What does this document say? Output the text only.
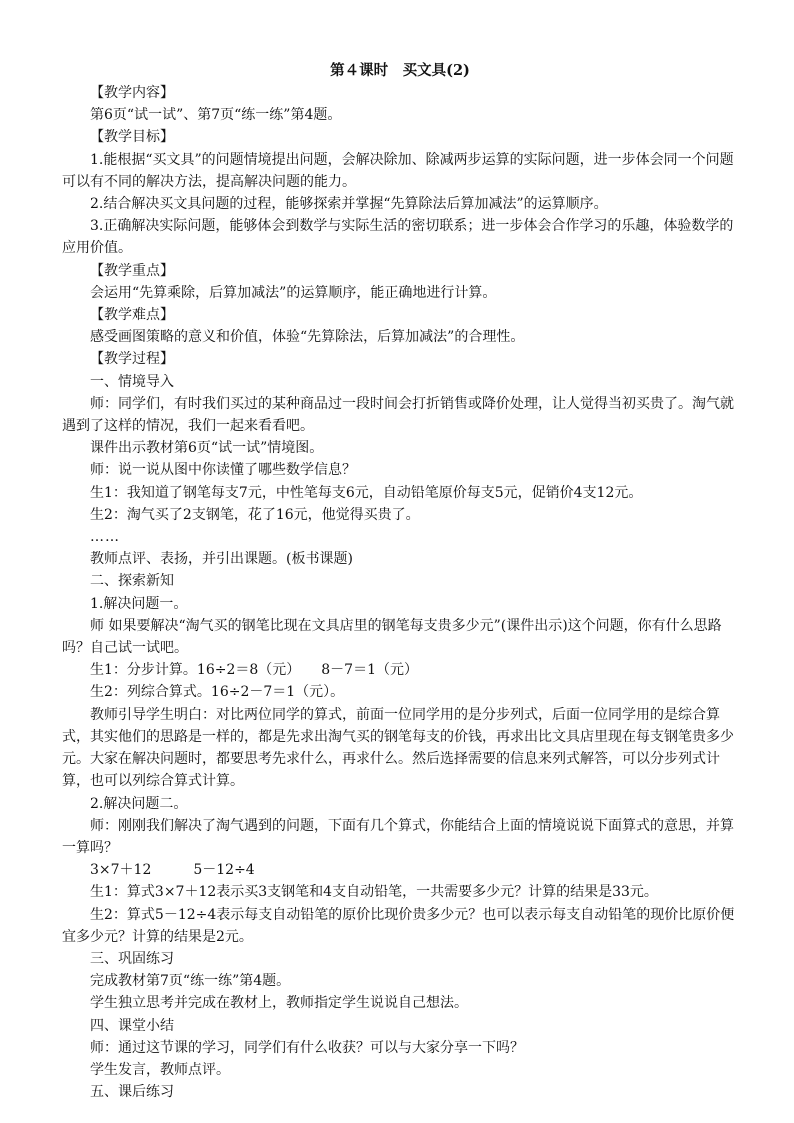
第４课时　买文具(2)

【教学内容】

第6页“试一试”、第7页“练一练”第4题。

【教学目标】

1.能根据“买文具”的问题情境提出问题，会解决除加、除减两步运算的实际问题，进一步体会同一个问题可以有不同的解决方法，提高解决问题的能力。

2.结合解决买文具问题的过程，能够探索并掌握“先算除法后算加减法”的运算顺序。

3.正确解决实际问题，能够体会到数学与实际生活的密切联系；进一步体会合作学习的乐趣，体验数学的应用价值。

【教学重点】

会运用“先算乘除，后算加减法”的运算顺序，能正确地进行计算。

【教学难点】

感受画图策略的意义和价值，体验“先算除法，后算加减法”的合理性。

【教学过程】

一、情境导入

师：同学们，有时我们买过的某种商品过一段时间会打折销售或降价处理，让人觉得当初买贵了。淘气就遇到了这样的情况，我们一起来看看吧。

课件出示教材第6页“试一试”情境图。

师：说一说从图中你读懂了哪些数学信息？

生1：我知道了钢笔每支7元，中性笔每支6元，自动铅笔原价每支5元，促销价4支12元。

生2：淘气买了2支钢笔，花了16元，他觉得买贵了。

……

教师点评、表扬，并引出课题。(板书课题)

二、探索新知

1.解决问题一。

师 如果要解决“淘气买的钢笔比现在文具店里的钢笔每支贵多少元”(课件出示)这个问题，你有什么思路吗？自己试一试吧。

生1：分步计算。16÷2＝8（元）　　8－7＝1（元）

生2：列综合算式。16÷2－7＝1（元）。

教师引导学生明白：对比两位同学的算式，前面一位同学用的是分步列式，后面一位同学用的是综合算式，其实他们的思路是一样的，都是先求出淘气买的钢笔每支的价钱，再求出比文具店里现在每支钢笔贵多少元。大家在解决问题时，都要思考先求什么，再求什么。然后选择需要的信息来列式解答，可以分步列式计算，也可以列综合算式计算。

2.解决问题二。

师：刚刚我们解决了淘气遇到的问题，下面有几个算式，你能结合上面的情境说说下面算式的意思，并算一算吗？

3×7＋12　　　5－12÷4

生1：算式3×7＋12表示买3支钢笔和4支自动铅笔，一共需要多少元？计算的结果是33元。

生2：算式5－12÷4表示每支自动铅笔的原价比现价贵多少元？也可以表示每支自动铅笔的现价比原价便宜多少元？计算的结果是2元。

三、巩固练习

完成教材第7页“练一练”第4题。

学生独立思考并完成在教材上，教师指定学生说说自己想法。

四、课堂小结

师：通过这节课的学习，同学们有什么收获？可以与大家分享一下吗？

学生发言，教师点评。

五、课后练习
